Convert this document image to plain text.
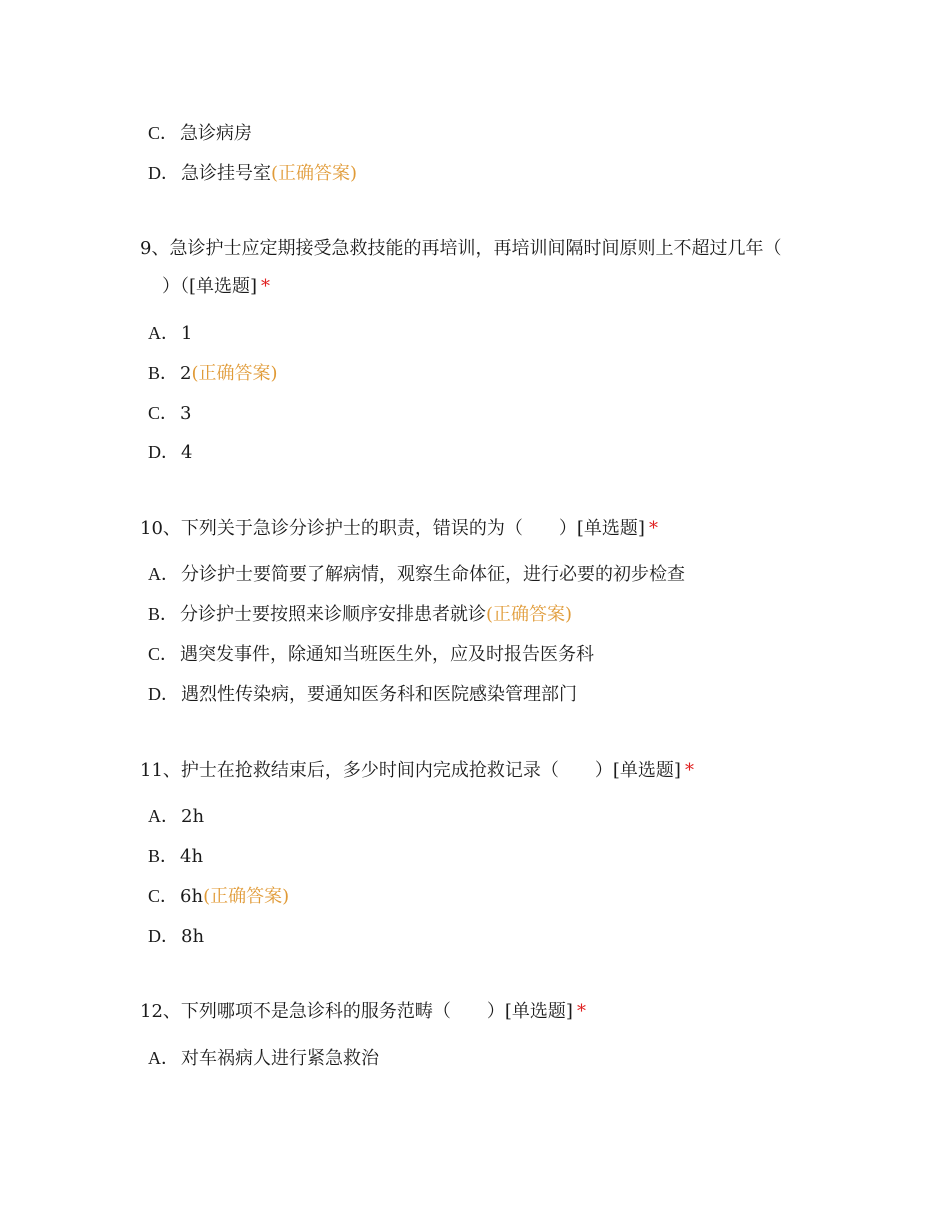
C． 急诊病房
D． 急诊挂号室(正确答案)
9、急诊护士应定期接受急救技能的再培训，再培训间隔时间原则上不超过几年（
）（[单选题] *
A． 1
B． 2(正确答案)
C． 3
D． 4
10、下列关于急诊分诊护士的职责，错误的为（　　）[单选题] *
A． 分诊护士要简要了解病情，观察生命体征，进行必要的初步检查
B． 分诊护士要按照来诊顺序安排患者就诊(正确答案)
C． 遇突发事件，除通知当班医生外，应及时报告医务科
D． 遇烈性传染病，要通知医务科和医院感染管理部门
11、护士在抢救结束后，多少时间内完成抢救记录（　　）[单选题] *
A． 2h
B． 4h
C． 6h(正确答案)
D． 8h
12、下列哪项不是急诊科的服务范畴（　　）[单选题] *
A． 对车祸病人进行紧急救治
